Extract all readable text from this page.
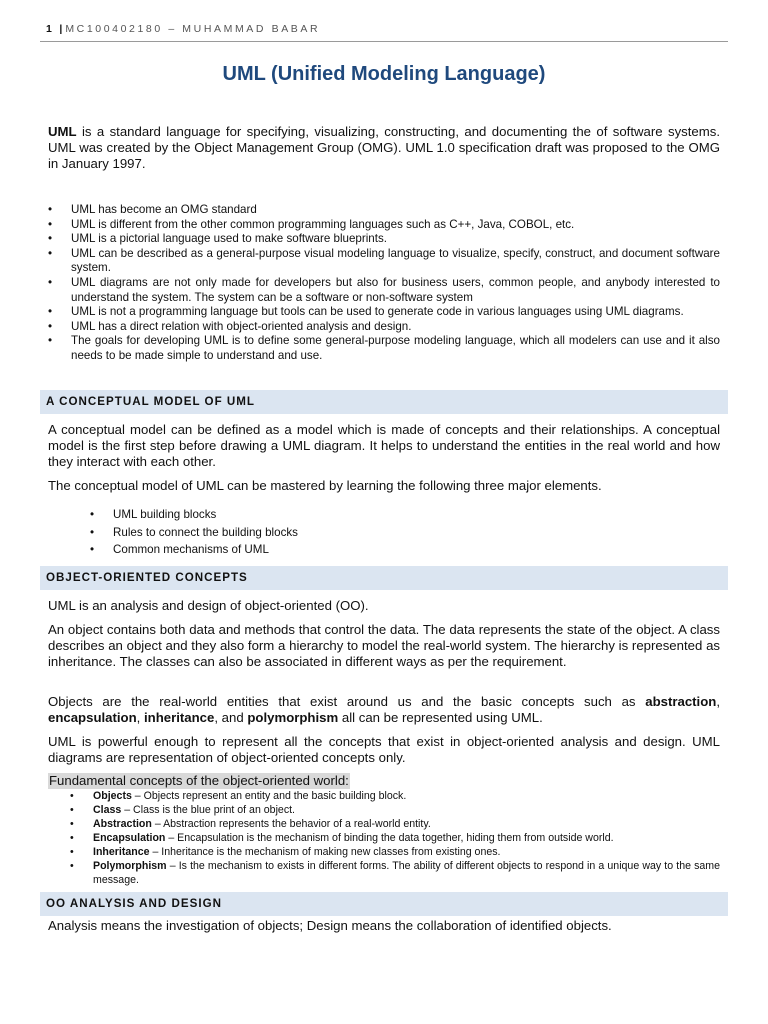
1 | MC100402180 – MUHAMMAD BABAR
UML (Unified Modeling Language)
UML is a standard language for specifying, visualizing, constructing, and documenting the of software systems. UML was created by the Object Management Group (OMG). UML 1.0 specification draft was proposed to the OMG in January 1997.
• UML has become an OMG standard
• UML is different from the other common programming languages such as C++, Java, COBOL, etc.
• UML is a pictorial language used to make software blueprints.
• UML can be described as a general-purpose visual modeling language to visualize, specify, construct, and document software system.
• UML diagrams are not only made for developers but also for business users, common people, and anybody interested to understand the system. The system can be a software or non-software system
• UML is not a programming language but tools can be used to generate code in various languages using UML diagrams.
• UML has a direct relation with object-oriented analysis and design.
• The goals for developing UML is to define some general-purpose modeling language, which all modelers can use and it also needs to be made simple to understand and use.
A CONCEPTUAL MODEL OF UML
A conceptual model can be defined as a model which is made of concepts and their relationships. A conceptual model is the first step before drawing a UML diagram. It helps to understand the entities in the real world and how they interact with each other.
The conceptual model of UML can be mastered by learning the following three major elements.
• UML building blocks
• Rules to connect the building blocks
• Common mechanisms of UML
OBJECT-ORIENTED CONCEPTS
UML is an analysis and design of object-oriented (OO).
An object contains both data and methods that control the data. The data represents the state of the object. A class describes an object and they also form a hierarchy to model the real-world system. The hierarchy is represented as inheritance. The classes can also be associated in different ways as per the requirement.
Objects are the real-world entities that exist around us and the basic concepts such as abstraction, encapsulation, inheritance, and polymorphism all can be represented using UML.
UML is powerful enough to represent all the concepts that exist in object-oriented analysis and design. UML diagrams are representation of object-oriented concepts only.
Fundamental concepts of the object-oriented world:
• Objects – Objects represent an entity and the basic building block.
• Class – Class is the blue print of an object.
• Abstraction – Abstraction represents the behavior of a real-world entity.
• Encapsulation – Encapsulation is the mechanism of binding the data together, hiding them from outside world.
• Inheritance – Inheritance is the mechanism of making new classes from existing ones.
• Polymorphism – Is the mechanism to exists in different forms. The ability of different objects to respond in a unique way to the same message.
OO ANALYSIS AND DESIGN
Analysis means the investigation of objects; Design means the collaboration of identified objects.
